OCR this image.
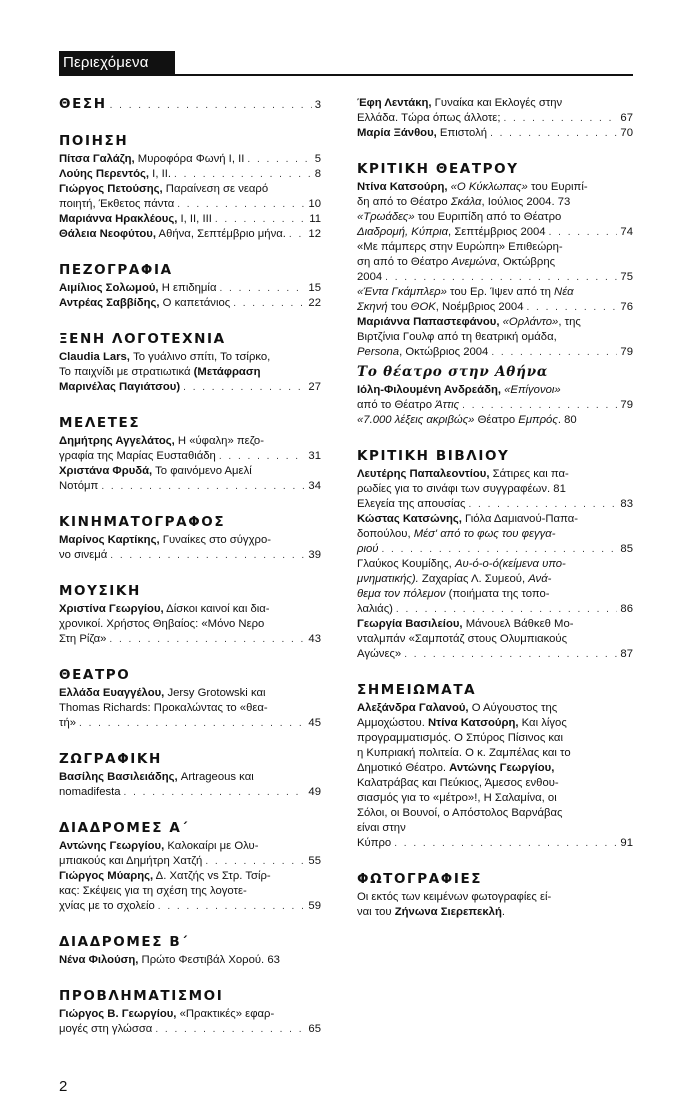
Περιεχόμενα
ΘΕΣΗ . . .	3
ΠΟΙΗΣΗ
Πίτσα Γαλάζη, Μυροφόρα Φωνή Ι, ΙΙ . . .	5
Λούης Περεντός, Ι, ΙΙ. . . .	8
Γιώργος Πετούσης, Παραίνεση σε νεαρό
ποιητή, Έκθετος πάντα . . .	10
Μαριάννα Ηρακλέους, Ι, ΙΙ, ΙΙΙ . . .	11
Θάλεια Νεοφύτου, Αθήνα, Σεπτέμβριο μήνα. . . . 12
ΠΕΖΟΓΡΑΦΙΑ
Αιμίλιος Σολωμού, Η επιδημία . . .	15
Αντρέας Σαββίδης, Ο καπετάνιος . . .	22
ΞΕΝΗ ΛΟΓΟΤΕΧΝΙΑ
Claudia Lars, Το γυάλινο σπίτι, Το τσίρκο,
Το παιχνίδι με στρατιωτικά (Μετάφραση
Μαρινέλας Παγιάτσου) . . .	27
ΜΕΛΕΤΕΣ
Δημήτρης Αγγελάτος, Η «ύφαλη» πεζο-
γραφία της Μαρίας Ευσταθιάδη . . .	31
Χριστάνα Φρυδά, Το φαινόμενο Αμελί
Νοτόμπ . . .	34
ΚΙΝΗΜΑΤΟΓΡΑΦΟΣ
Μαρίνος Καρτίκης, Γυναίκες στο σύγχρο-
νο σινεμά . . .	39
ΜΟΥΣΙΚΗ
Χριστίνα Γεωργίου, Δίσκοι καινοί και δια-
χρονικοί. Χρήστος Θηβαίος: «Μόνο Νερο
Στη Ρίζα» . . .	43
ΘΕΑΤΡΟ
Ελλάδα Ευαγγέλου, Jersy Grotowski και
Thomas Richards: Προκαλώντας το «θεα-
τή» . . .	45
ΖΩΓΡΑΦΙΚΗ
Βασίλης Βασιλειάδης, Artrageous και
nomadifesta . . .	49
ΔΙΑΔΡΟΜΕΣ Α΄
Αντώνης Γεωργίου, Καλοκαίρι με Ολυ-
μπιακούς και Δημήτρη Χατζή . . .	55
Γιώργος Μύαρης, Δ. Χατζής vs Στρ. Τσίρ-
κας: Σκέψεις για τη σχέση της λογοτε-
χνίας με το σχολείο . . .	59
ΔΙΑΔΡΟΜΕΣ Β΄
Νένα Φιλούση, Πρώτο Φεστιβάλ Χορού. 63
ΠΡΟΒΛΗΜΑΤΙΣΜΟΙ
Γιώργος Β. Γεωργίου, «Πρακτικές» εφαρ-
μογές στη γλώσσα . . .	65
Έφη Λεντάκη, Γυναίκα και Εκλογές στην
Ελλάδα. Τώρα όπως άλλοτε; . . .	67
Μαρία Ξάνθου, Επιστολή . . .	70
ΚΡΙΤΙΚΗ ΘΕΑΤΡΟΥ
Ντίνα Κατσούρη, «Ο Κύκλωπας» του Ευριπί-
δη από το Θέατρο Σκάλα, Ιούλιος 2004. 73
«Τρωάδες» του Ευριπίδη από το Θέατρο
Διαδρομή, Κύπρια, Σεπτέμβριος 2004 . . .	74
«Με πάμπερς στην Ευρώπη» Επιθεώρη-
ση από το Θέατρο Ανεμώνα, Οκτώβρης
2004 . . .	75
«Έντα Γκάμπλερ» του Ερ. Ίψεν από τη Νέα
Σκηνή του ΘΟΚ, Νοέμβριος 2004 . . .	76
Μαριάννα Παπαστεφάνου, «Ορλάντο», της
Βιρτζίνια Γουλφ από τη θεατρική ομάδα,
Persona, Οκτώβριος 2004 . . .	79
Το θέατρο στην Αθήνα
Ιόλη-Φιλουμένη Ανδρεάδη, «Επίγονοι»
από το Θέατρο Άττις . . .	79
«7.000 λέξεις ακριβώς» Θέατρο Εμπρός. 80
ΚΡΙΤΙΚΗ ΒΙΒΛΙΟΥ
Λευτέρης Παπαλεοντίου, Σάτιρες και πα-
ρωδίες για το σινάφι των συγγραφέων. 81
Ελεγεία της απουσίας . . .	83
Κώστας Κατσώνης, Γιόλα Δαμιανού-Παπα-
δοπούλου, Μέσ' από το φως του φεγγα-
ριού . . .	85
Γλαύκος Κουμίδης, Αυ-ό-ο-ό(κείμενα υπο-
μνηματικής). Ζαχαρίας Λ. Συμεού, Ανά-
θεμα τον πόλεμον (ποιήματα της τοπο-
λαλιάς) . . .	86
Γεωργία Βασιλείου, Μάνουελ Βάθκεθ Μο-
νταλμπάν «Σαμποτάζ στους Ολυμπιακούς
Αγώνες» . . .	87
ΣΗΜΕΙΩΜΑΤΑ
Αλεξάνδρα Γαλανού, Ο Αύγουστος της
Αμμοχώστου. Ντίνα Κατσούρη, Και λίγος
προγραμματισμός. Ο Σπύρος Πίσινος και
η Κυπριακή πολιτεία. Ο κ. Ζαμπέλας και το
Δημοτικό Θέατρο. Αντώνης Γεωργίου,
Καλατράβας και Πεύκιος, Άμεσος ενθου-
σιασμός για το «μέτρο»!, Η Σαλαμίνα, οι
Σόλοι, οι Βουνοί, ο Απόστολος Βαρνάβας
είναι στην
Κύπρο . . .	91
ΦΩΤΟΓΡΑΦΙΕΣ
Οι εκτός των κειμένων φωτογραφίες εί-
ναι του Ζήνωνα Σιερεπεκλή.
2
